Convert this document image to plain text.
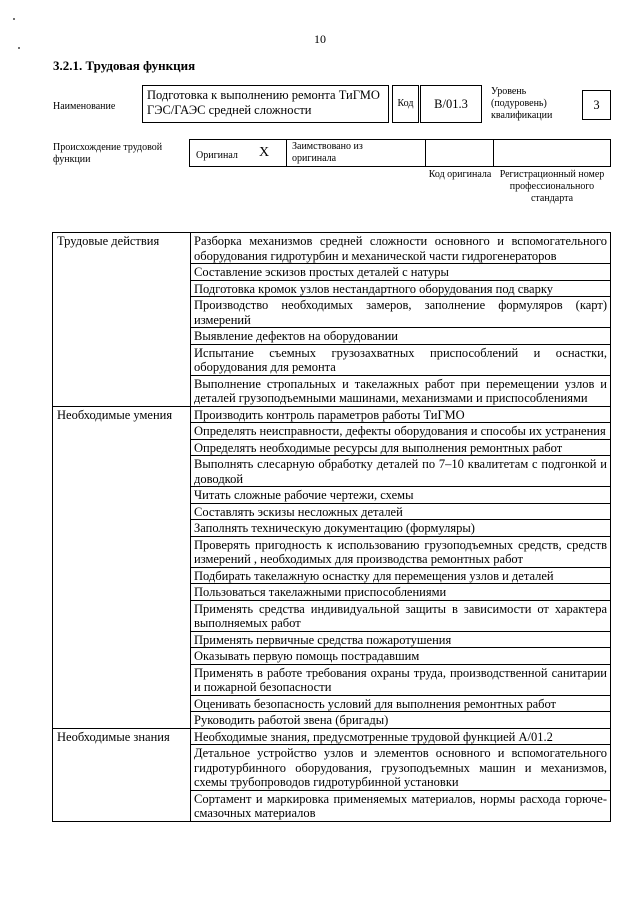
10
3.2.1. Трудовая функция
Наименование
Подготовка к выполнению ремонта ТиГМО ГЭС/ГАЭС средней сложности	Код В/01.3
Уровень (подуровень) квалификации
3
Происхождение трудовой функции	Оригинал X Заимствовано из оригинала
Код оригинала Регистрационный номер профессионального стандарта
Трудовые действия	Разборка механизмов средней сложности основного и вспомогательного оборудования гидротурбин и механической части гидрогенераторов
	Составление эскизов простых деталей с натуры
	Подготовка кромок узлов нестандартного оборудования под сварку
	Производство необходимых замеров, заполнение формуляров (карт) измерений
	Выявление дефектов на оборудовании
	Испытание съемных грузозахватных приспособлений и оснастки, оборудования для ремонта
	Выполнение стропальных и такелажных работ при перемещении узлов и деталей грузоподъемными машинами, механизмами и приспособлениями
Необходимые умения	Производить контроль параметров работы ТиГМО
	Определять неисправности, дефекты оборудования и способы их устранения
	Определять необходимые ресурсы для выполнения ремонтных работ
	Выполнять слесарную обработку деталей по 7–10 квалитетам с подгонкой и доводкой
	Читать сложные рабочие чертежи, схемы
	Составлять эскизы несложных деталей
	Заполнять техническую документацию (формуляры)
	Проверять пригодность к использованию грузоподъемных средств, средств измерений , необходимых для производства ремонтных работ
	Подбирать такелажную оснастку для перемещения узлов и деталей
	Пользоваться такелажными приспособлениями
	Применять средства индивидуальной защиты в зависимости от характера выполняемых работ
	Применять первичные средства пожаротушения
	Оказывать первую помощь пострадавшим
	Применять в работе требования охраны труда, производственной санитарии и пожарной безопасности
	Оценивать безопасность условий для выполнения ремонтных работ
	Руководить работой звена (бригады)
Необходимые знания	Необходимые знания, предусмотренные трудовой функцией А/01.2
	Детальное устройство узлов и элементов основного и вспомогательного гидротурбинного оборудования, грузоподъемных машин и механизмов, схемы трубопроводов гидротурбинной установки
	Сортамент и маркировка применяемых материалов, нормы расхода горюче-смазочных материалов
